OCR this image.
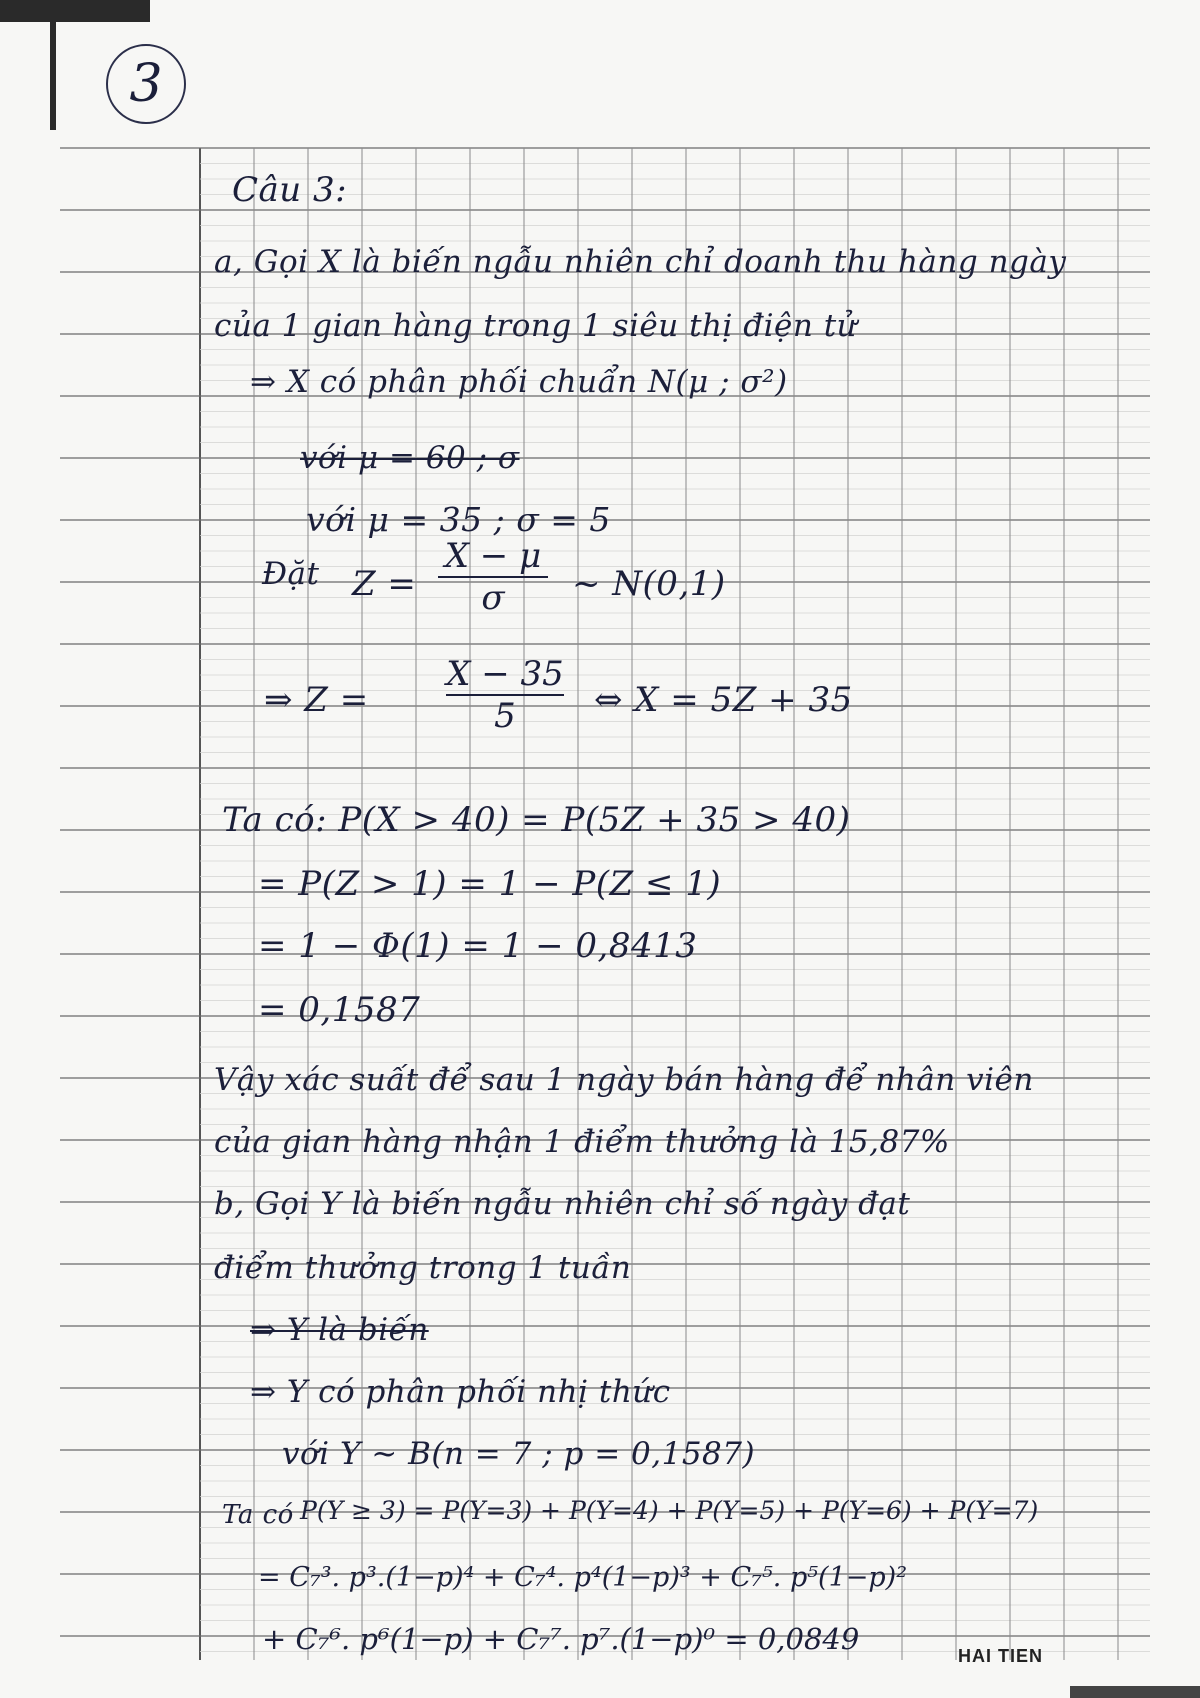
3
Câu 3:
a, Gọi X là biến ngẫu nhiên chỉ doanh thu hàng ngày
của 1 gian hàng trong 1 siêu thị điện tử
⇒ X có phân phối chuẩn N(μ ; σ²)
với μ = 60 ; σ
với μ = 35 ; σ = 5
Đặt Z =
X − μ
σ ~ N(0,1)
⇒ Z =
X − 35
5 ⇔ X = 5Z + 35
Ta có: P(X > 40) = P(5Z + 35 > 40)
= P(Z > 1) = 1 − P(Z ≤ 1)
= 1 − Φ(1) = 1 − 0,8413
= 0,1587
Vậy xác suất để sau 1 ngày bán hàng để nhân viên
của gian hàng nhận 1 điểm thưởng là 15,87%
b, Gọi Y là biến ngẫu nhiên chỉ số ngày đạt
điểm thưởng trong 1 tuần
⇒ Y là biến
⇒ Y có phân phối nhị thức
với Y ~ B(n = 7 ; p = 0,1587)
Ta có P(Y ≥ 3) = P(Y=3) + P(Y=4) + P(Y=5) + P(Y=6) + P(Y=7)
= C₇³. p³.(1−p)⁴ + C₇⁴. p⁴(1−p)³ + C₇⁵. p⁵(1−p)²
+ C₇⁶. p⁶(1−p) + C₇⁷. p⁷.(1−p)⁰ = 0,0849	HAI TIEN
